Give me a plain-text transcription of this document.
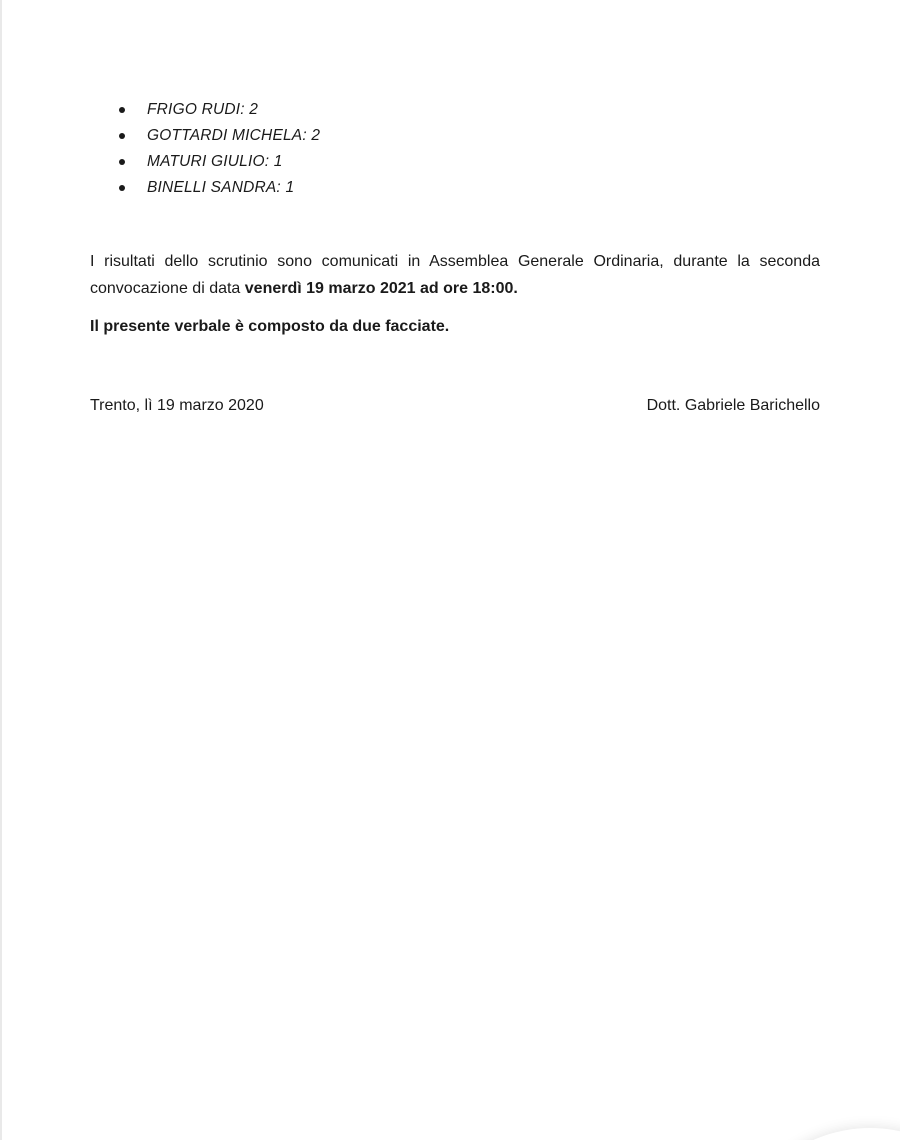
FRIGO RUDI: 2
GOTTARDI MICHELA: 2
MATURI GIULIO: 1
BINELLI SANDRA: 1

I risultati dello scrutinio sono comunicati in Assemblea Generale Ordinaria, durante la seconda convocazione di data venerdì 19 marzo 2021 ad ore 18:00.

Il presente verbale è composto da due facciate.

Trento, lì 19 marzo 2020	Dott. Gabriele Barichello
